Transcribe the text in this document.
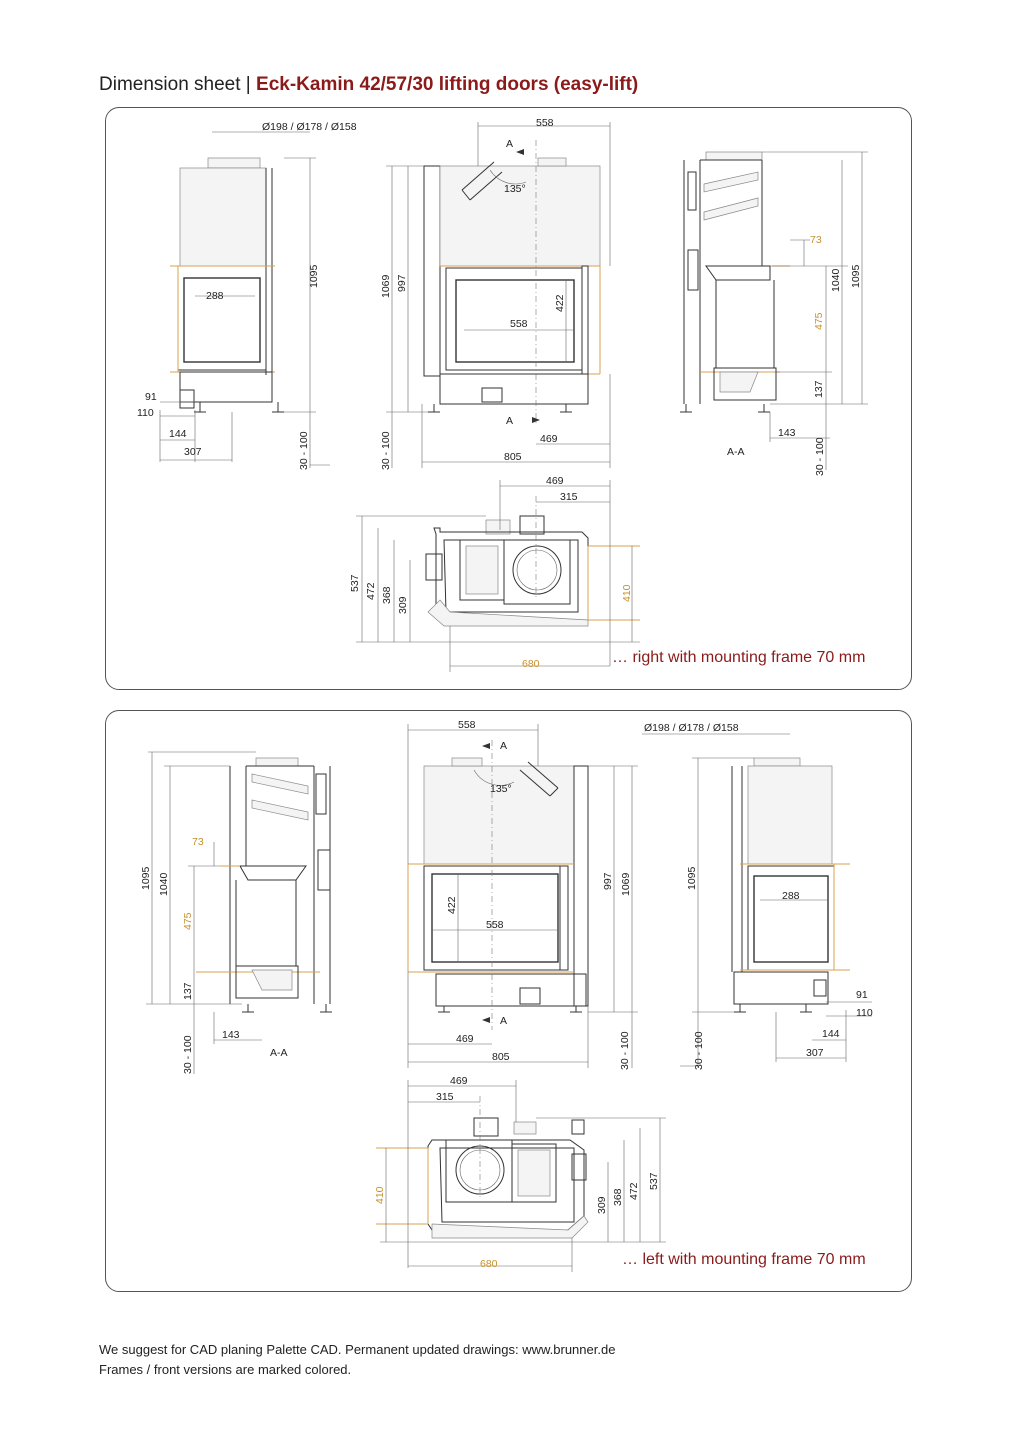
Dimension sheet | Eck-Kamin 42/57/30 lifting doors (easy-lift)
Ø198 / Ø178 / Ø158
288
1095
91
110
144
307	30 - 100
558
A
135°
1069 997
422
558
A
469
805
30 - 100
73
475
1040 1095
137
143
A-A	30 - 100
469
315
537 472 368
309
410
680	… right with mounting frame 70 mm
1095 1040
73
475
137
143
A-A
30 - 100
558
A
135°
422
558
997 1069
A
469
805	30 - 100
Ø198 / Ø178 / Ø158
1095
288
91
110
144
307
30 - 100
469
315
410
309 368 472
537
680	… left with mounting frame 70 mm
We suggest for CAD planing Palette CAD. Permanent updated drawings: www.brunner.de
Frames / front versions are marked colored.
